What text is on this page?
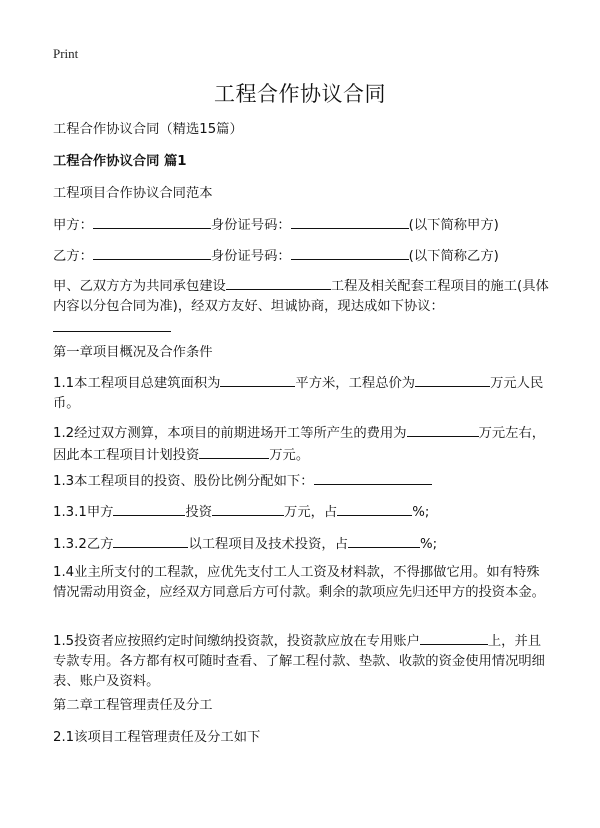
Print
工程合作协议合同
工程合作协议合同（精选15篇）
工程合作协议合同 篇1
工程项目合作协议合同范本
甲方：	身份证号码：	(以下简称甲方)
乙方：	身份证号码：	(以下简称乙方)
甲、乙双方方为共同承包建设	工程及相关配套工程项目的施工(具体内容以分包合同为准)，经双方友好、坦诚协商，现达成如下协议：

第一章项目概况及合作条件
1.1本工程项目总建筑面积为	平方米，工程总价为	万元人民币。
1.2经过双方测算，本项目的前期进场开工等所产生的费用为	万元左右，因此本工程项目计划投资	万元。
1.3本工程项目的投资、股份比例分配如下：
1.3.1甲方	投资	万元，占	%;
1.3.2乙方	以工程项目及技术投资，占	%;
1.4业主所支付的工程款，应优先支付工人工资及材料款，不得挪做它用。如有特殊情况需动用资金，应经双方同意后方可付款。剩余的款项应先归还甲方的投资本金。
1.5投资者应按照约定时间缴纳投资款，投资款应放在专用账户	上，并且专款专用。各方都有权可随时查看、了解工程付款、垫款、收款的资金使用情况明细表、账户及资料。
第二章工程管理责任及分工
2.1该项目工程管理责任及分工如下
